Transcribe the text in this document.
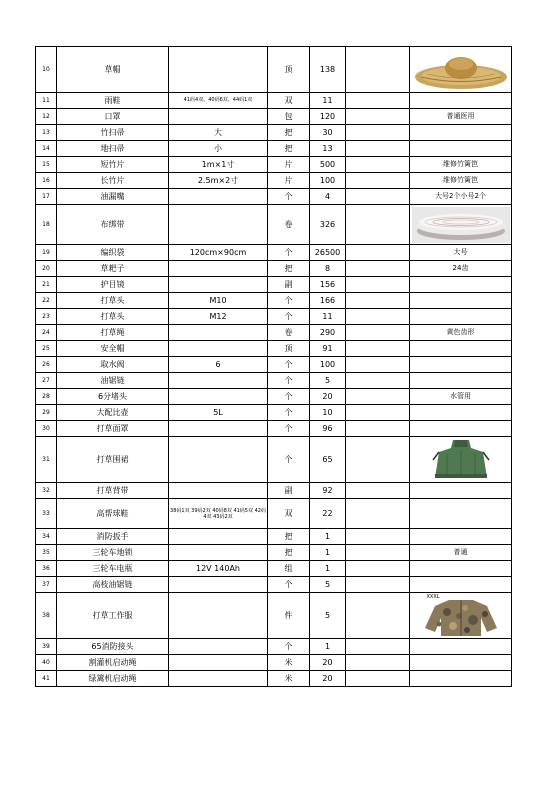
10	草帽		顶	138		

11	雨鞋	41码4双、40码6双、44码1双	双	11		
12	口罩		包	120		普通医用
13	竹扫帚	大	把	30		
14	地扫帚	小	把	13		
15	短竹片	1m×1寸	片	500		维修竹篱笆
16	长竹片	2.5m×2寸	片	100		维修竹篱笆
17	油漏嘴		个	4		大号2个小号2个
18	布绑带		卷	326		

19	编织袋	120cm×90cm	个	26500		大号
20	草耙子		把	8		24齿
21	护目镜		副	156		
22	打草头	M10	个	166		
23	打草头	M12	个	11		
24	打草绳		卷	290		黄色齿形
25	安全帽		顶	91		
26	取水阀	6	个	100		
27	油锯链		个	5		
28	6分堵头		个	20		水管用
29	大配比壶	5L	个	10		
30	打草面罩		个	96		
31	打草围裙		个	65		

32	打草背带		副	92		
33	高帮球鞋	38码1双 39码2双 40码8双 41码5双 42码4双 43码2双	双	22		
34	消防扳手		把	1		
35	三轮车地锁		把	1		普通
36	三轮车电瓶	12V 140Ah	组	1		
37	高枝油锯链		个	5		
38	打草工作服		件	5		XXXL

39	65消防接头		个	1		
40	割灌机启动绳		米	20		
41	绿篱机启动绳		米	20		
